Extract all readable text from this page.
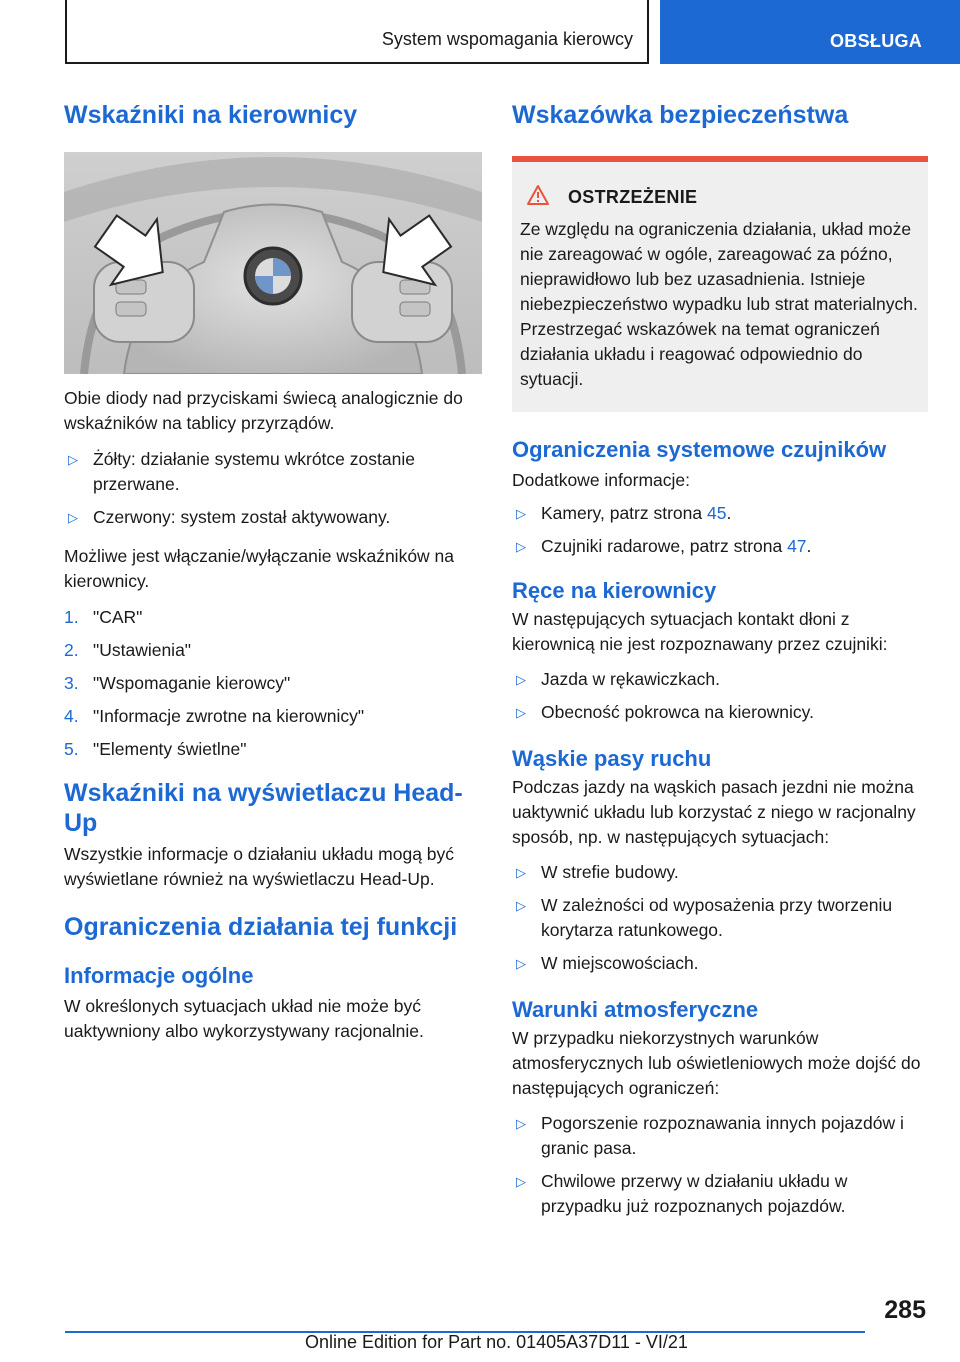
System wspomagania kierowcy	OBSŁUGA
Wskaźniki na kierownicy

Obie diody nad przyciskami świecą analogicznie do wskaźników na tablicy przyrządów.

▷ Żółty: działanie systemu wkrótce zostanie przerwane.
▷ Czerwony: system został aktywowany.

Możliwe jest włączanie/wyłączanie wskaźników na kierownicy.

1. "CAR"
2. "Ustawienia"
3. "Wspomaganie kierowcy"
4. "Informacje zwrotne na kierownicy"
5. "Elementy świetlne"
Wskaźniki na wyświetlaczu Head-Up

Wszystkie informacje o działaniu układu mogą być wyświetlane również na wyświetlaczu Head-Up.

Ograniczenia działania tej funkcji
Informacje ogólne

W określonych sytuacjach układ nie może być uaktywniony albo wykorzystywany racjonalnie.

Wskazówka bezpieczeństwa
OSTRZEŻENIE

Ze względu na ograniczenia działania, układ może nie zareagować w ogóle, zareagować za późno, nieprawidłowo lub bez uzasadnienia. Istnieje niebezpieczeństwo wypadku lub strat materialnych. Przestrzegać wskazówek na temat ograniczeń działania układu i reagować odpowiednio do sytuacji.

Ograniczenia systemowe czujników

Dodatkowe informacje:

▷ Kamery, patrz strona 45.
▷ Czujniki radarowe, patrz strona 47.
Ręce na kierownicy

W następujących sytuacjach kontakt dłoni z kierownicą nie jest rozpoznawany przez czujniki:

▷ Jazda w rękawiczkach.
▷ Obecność pokrowca na kierownicy.
Wąskie pasy ruchu

Podczas jazdy na wąskich pasach jezdni nie można uaktywnić układu lub korzystać z niego w racjonalny sposób, np. w następujących sytuacjach:

▷ W strefie budowy.
▷ W zależności od wyposażenia przy tworzeniu korytarza ratunkowego.
▷ W miejscowościach.
Warunki atmosferyczne

W przypadku niekorzystnych warunków atmosferycznych lub oświetleniowych może dojść do następujących ograniczeń:

▷ Pogorszenie rozpoznawania innych pojazdów i granic pasa.
▷ Chwilowe przerwy w działaniu układu w przypadku już rozpoznanych pojazdów.
285
Online Edition for Part no. 01405A37D11 - VI/21
